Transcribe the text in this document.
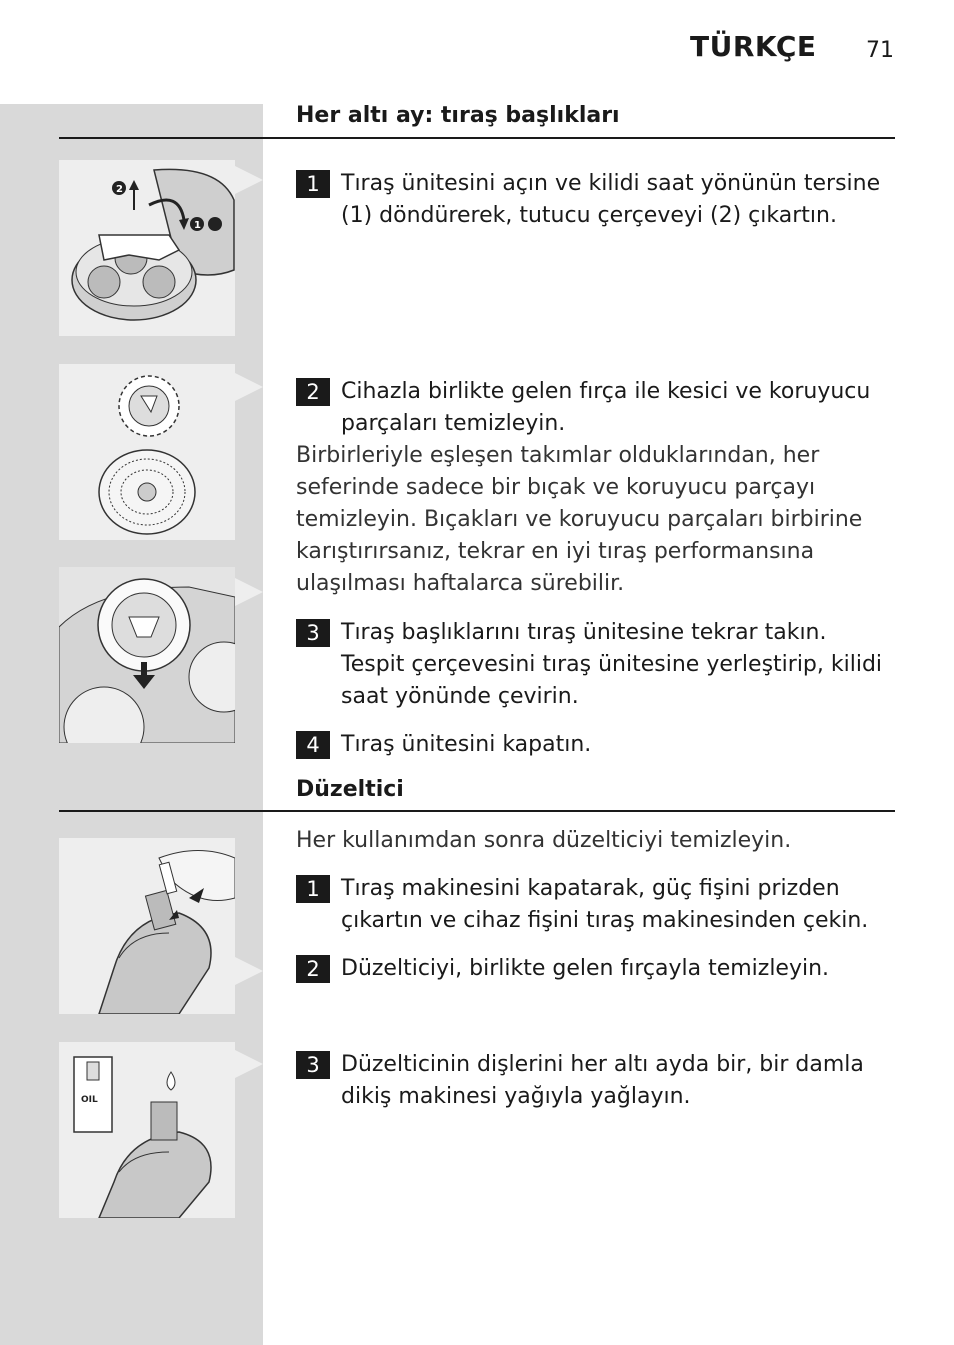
TÜRKÇE 71
Her altı ay: tıraş başlıkları
2
1
1 Tıraş ünitesini açın ve kilidi saat yönünün tersine (1) döndürerek, tutucu çerçeveyi (2) çıkartın.
2 Cihazla birlikte gelen fırça ile kesici ve koruyucu parçaları temizleyin.
Birbirleriyle eşleşen takımlar olduklarından, her seferinde sadece bir bıçak ve koruyucu parçayı temizleyin. Bıçakları ve koruyucu parçaları birbirine karıştırırsanız, tekrar en iyi tıraş performansına ulaşılması haftalarca sürebilir.
3 Tıraş başlıklarını tıraş ünitesine tekrar takın. Tespit çerçevesini tıraş ünitesine yerleştirip, kilidi saat yönünde çevirin.
4 Tıraş ünitesini kapatın.
Düzeltici
Her kullanımdan sonra düzelticiyi temizleyin.
1 Tıraş makinesini kapatarak, güç fişini prizden çıkartın ve cihaz fişini tıraş makinesinden çekin.
2 Düzelticiyi, birlikte gelen fırçayla temizleyin.
OIL
3 Düzelticinin dişlerini her altı ayda bir, bir damla dikiş makinesi yağıyla yağlayın.
